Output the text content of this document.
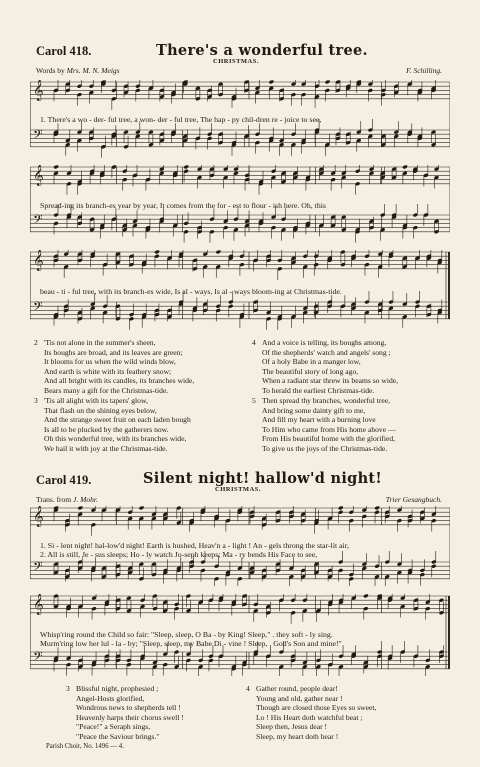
Carol 418.	There's a wonderful tree.
CHRISTMAS.
Words by Mrs. M. N. Meigs	F. Schilling.
𝄞
𝄢
1. There's a wo - der- ful tree, a won- der - ful tree, The hap - py chil-dren re - joice to see,
𝄞
𝄢
Spread-ing its branch-es year by year, It comes from the for - est to flour - ish here. Oh, this
𝄞
𝄢
beau - ti - ful tree, with its branch-es wide, Is al - ways, Is al - ways bloom-ing at Christmas-tide.

2 'Tis not alone in the summer's sheen,

Its boughs are broad, and its leaves are green;

It blooms for us when the wild winds blow,

And earth is white with its feathery snow;

And all bright with its candles, its branches wide,

Bears many a gift for the Christmas-tide.

3 'Tis all alight with its tapers' glow,

That flash on the shining eyes below,

And the strange sweet fruit on each laden bough

Is all to be plucked by the gatherers now.

Oh this wonderful tree, with its branches wide,

We hail it with joy at the Christmas-tide.

4 And a voice is telling, its boughs among,

Of the shepherds' watch and angels' song ;

Of a holy Babe in a manger low,

The beautiful story of long ago,

When a radiant star threw its beams so wide,

To herald the earliest Christmas-tide.

5 Then spread thy branches, wonderful tree,

And bring some dainty gift to me,

And fill my heart with a burning love

To Him who came from His home above —

From His beautiful home with the glorified,

To give us the joys of the Christmas-tide.

Carol 419.	Silent night! hallow'd night!
CHRISTMAS.
Trans. from J. Mohr.	Trier Gesangbuch.
𝄞
𝄢
1. Si - lent night! hal-low'd night! Earth is hushed, Heav'n a - light ! An - gels throng the star-lit air,
2. All is still, Je - sus sleeps; Ho - ly watch Jo-seph keeps; Ma - ry bends His Face to see,
𝄞
𝄢
Whisp'ring round the Child so fair: "Sleep, sleep, O Ba - by King! Sleep," . they soft - ly sing.
Murm'ring low her lul - la - by; "Sleep, sleep, my Babe Di - vine ! Sleep, . God's Son and mine!"

3 Blissful night, prophesied ;

Angel-Hosts glorified,

Wondrous news to shepherds tell !

Heavenly harps their chorus swell !

"Peace!" a Seraph sings,

"Peace the Saviour brings."

4 Gather round, people dear!

Young and old, gather near !

Though are closed those Eyes so sweet,

Lo ! His Heart doth watchful beat ;

Sleep then, Jesus dear !

Sleep, my heart doth hear !

Parish Choir, No. 1496 — 4.
